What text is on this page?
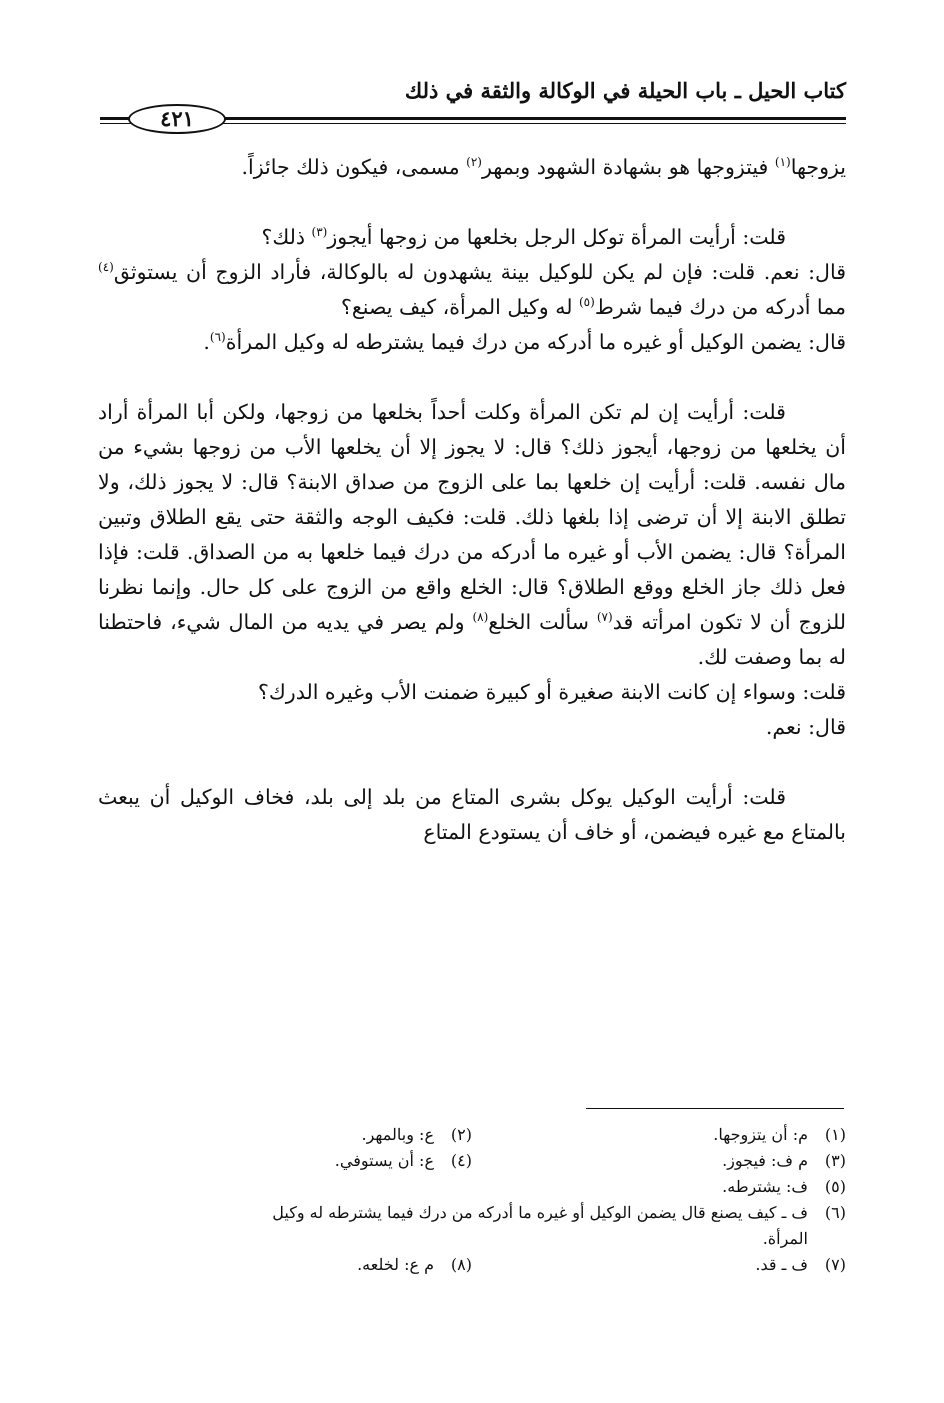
كتاب الحيل ـ باب الحيلة في الوكالة والثقة في ذلك
٤٢١

يزوجها$^{(١)}$ فيتزوجها هو بشهادة الشهود وبمهر$^{(٢)}$ مسمى، فيكون ذلك جائزاً.

قلت: أرأيت المرأة توكل الرجل بخلعها من زوجها أيجوز$^{(٣)}$ ذلك؟

قال: نعم. قلت: فإن لم يكن للوكيل بينة يشهدون له بالوكالة، فأراد الزوج أن يستوثق$^{(٤)}$ مما أدركه من درك فيما شرط$^{(٥)}$ له وكيل المرأة، كيف يصنع؟

قال: يضمن الوكيل أو غيره ما أدركه من درك فيما يشترطه له وكيل المرأة$^{(٦)}$.

قلت: أرأيت إن لم تكن المرأة وكلت أحداً بخلعها من زوجها، ولكن أبا المرأة أراد أن يخلعها من زوجها، أيجوز ذلك؟ قال: لا يجوز إلا أن يخلعها الأب من زوجها بشيء من مال نفسه. قلت: أرأيت إن خلعها بما على الزوج من صداق الابنة؟ قال: لا يجوز ذلك، ولا تطلق الابنة إلا أن ترضى إذا بلغها ذلك. قلت: فكيف الوجه والثقة حتى يقع الطلاق وتبين المرأة؟ قال: يضمن الأب أو غيره ما أدركه من درك فيما خلعها به من الصداق. قلت: فإذا فعل ذلك جاز الخلع ووقع الطلاق؟ قال: الخلع واقع من الزوج على كل حال. وإنما نظرنا للزوج أن لا تكون امرأته قد$^{(٧)}$ سألت الخلع$^{(٨)}$ ولم يصر في يديه من المال شيء، فاحتطنا له بما وصفت لك.

قلت: وسواء إن كانت الابنة صغيرة أو كبيرة ضمنت الأب وغيره الدرك؟

قال: نعم.

قلت: أرأيت الوكيل يوكل بشرى المتاع من بلد إلى بلد، فخاف الوكيل أن يبعث بالمتاع مع غيره فيضمن، أو خاف أن يستودع المتاع

(١)م: أن يتزوجها.
(٢)ع: وبالمهر.
(٣)م ف: فيجوز.
(٤)ع: أن يستوفي.
(٥)ف: يشترطه.
(٦)ف ـ كيف يصنع قال يضمن الوكيل أو غيره ما أدركه من درك فيما يشترطه له وكيل
المرأة.
(٧)ف ـ قد.
(٨)م ع: لخلعه.
